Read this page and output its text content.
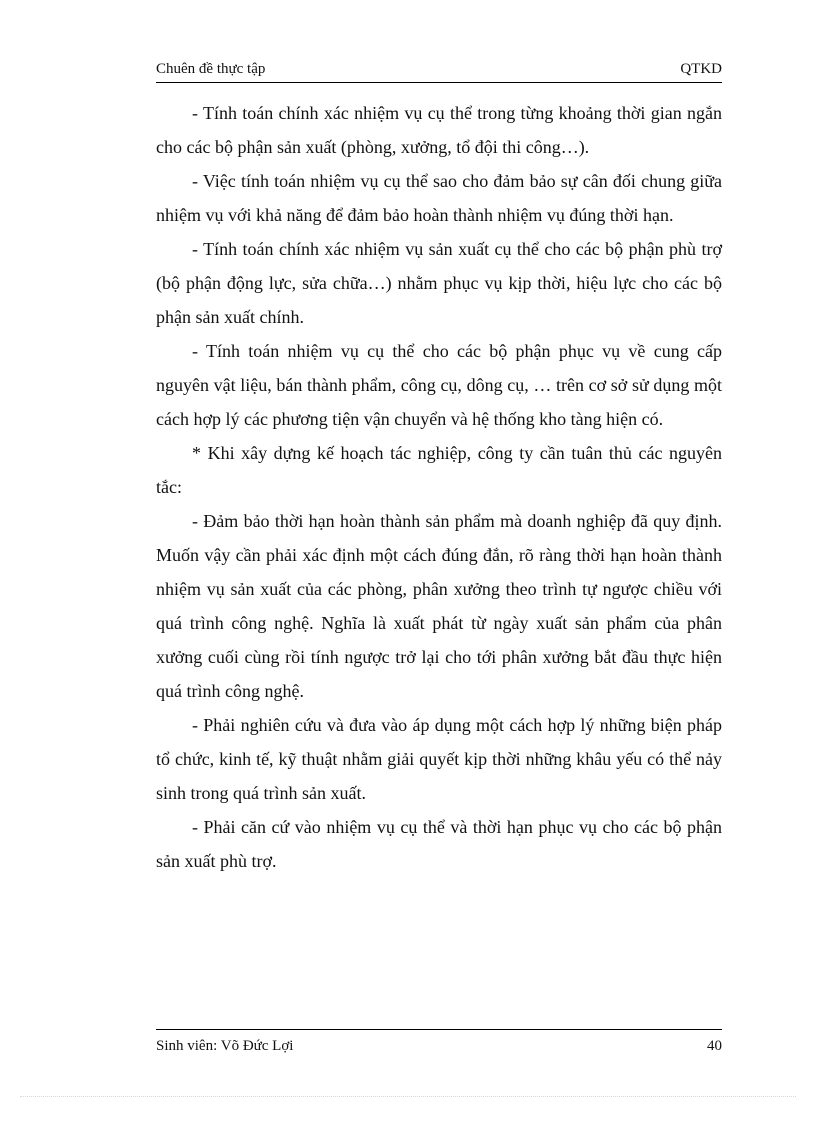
Chuên đề thực tập	QTKD

- Tính toán chính xác nhiệm vụ cụ thể trong từng khoảng thời gian ngắn cho các bộ phận sản xuất (phòng, xưởng, tổ đội thi công…).

- Việc tính toán nhiệm vụ cụ thể sao cho đảm bảo sự cân đối chung giữa nhiệm vụ với khả năng để đảm bảo hoàn thành nhiệm vụ đúng thời hạn.

- Tính toán chính xác nhiệm vụ sản xuất cụ thể cho các bộ phận phù trợ (bộ phận động lực, sửa chữa…) nhằm phục vụ kịp thời, hiệu lực cho các bộ phận sản xuất chính.

- Tính toán nhiệm vụ cụ thể cho các bộ phận phục vụ về cung cấp nguyên vật liệu, bán thành phẩm, công cụ, dông cụ, … trên cơ sở sử dụng một cách hợp lý các phương tiện vận chuyển và hệ thống kho tàng hiện có.

* Khi xây dựng kế hoạch tác nghiệp, công ty cần tuân thủ các nguyên tắc:

- Đảm bảo thời hạn hoàn thành sản phẩm mà doanh nghiệp đã quy định. Muốn vậy cần phải xác định một cách đúng đắn, rõ ràng thời hạn hoàn thành nhiệm vụ sản xuất của các phòng, phân xưởng theo trình tự ngược chiều với quá trình công nghệ. Nghĩa là xuất phát từ ngày xuất sản phẩm của phân xưởng cuối cùng rồi tính ngược trở lại cho tới phân xưởng bắt đầu thực hiện quá trình công nghệ.

- Phải nghiên cứu và đưa vào áp dụng một cách hợp lý những biện pháp tổ chức, kinh tế, kỹ thuật nhằm giải quyết kịp thời những khâu yếu có thể nảy sinh trong quá trình sản xuất.

- Phải căn cứ vào nhiệm vụ cụ thể và thời hạn phục vụ cho các bộ phận sản xuất phù trợ.

Sinh viên: Võ Đức Lợi	40
